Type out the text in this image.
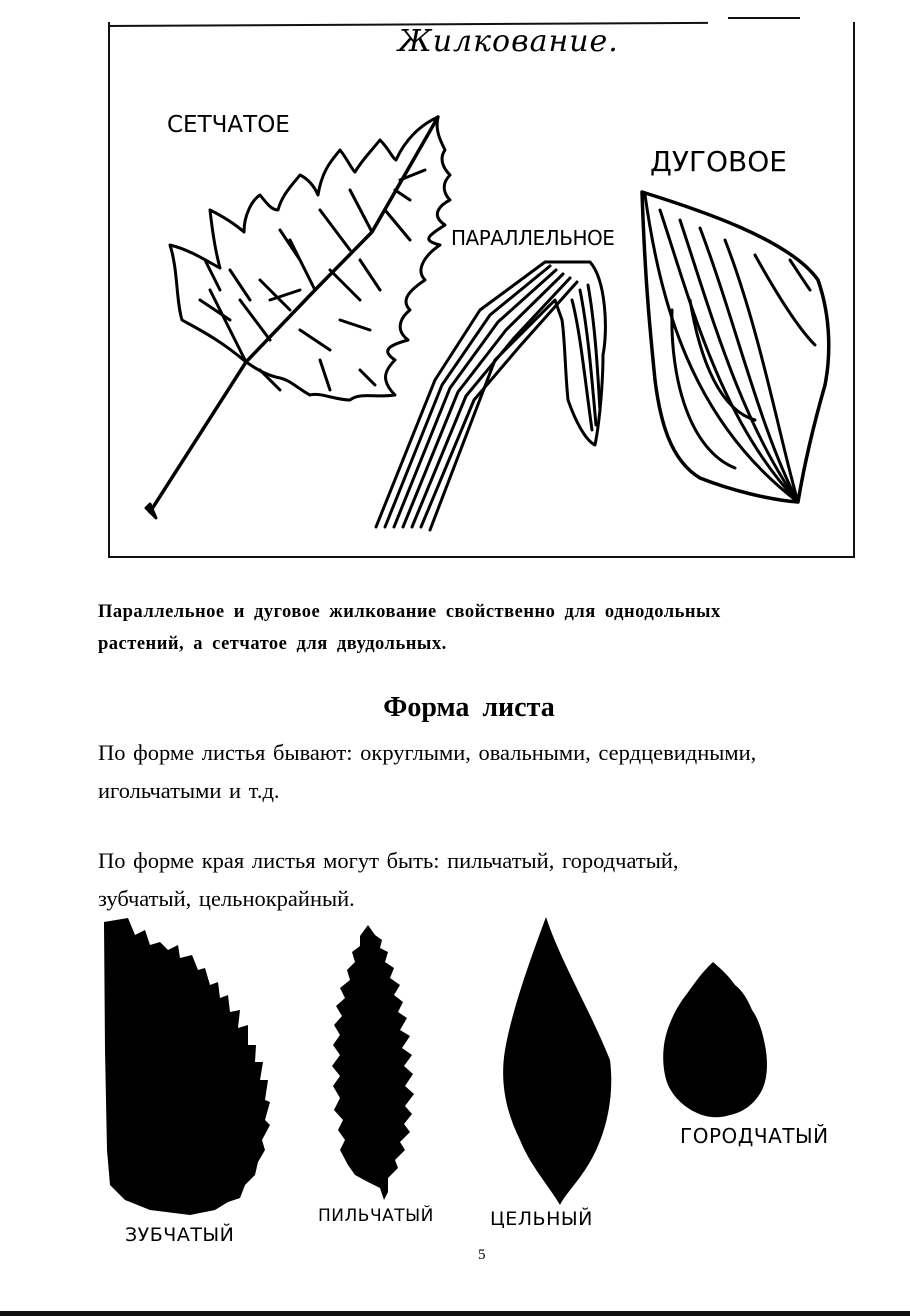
Жилкование.
СЕТЧАТОЕ
ПАРАЛЛЕЛЬНОЕ
ДУГОВОЕ
Параллельное и дуговое жилкование свойственно для однодольных
растений, а сетчатое для двудольных.
Форма листа
По форме листья бывают: округлыми, овальными, сердцевидными,
игольчатыми и т.д.
По форме края листья могут быть: пильчатый, городчатый,
зубчатый, цельнокрайный.
ЗУБЧАТЫЙ
ПИЛЬЧАТЫЙ	ЦЕЛЬНЫЙ
ГОРОДЧАТЫЙ
5
